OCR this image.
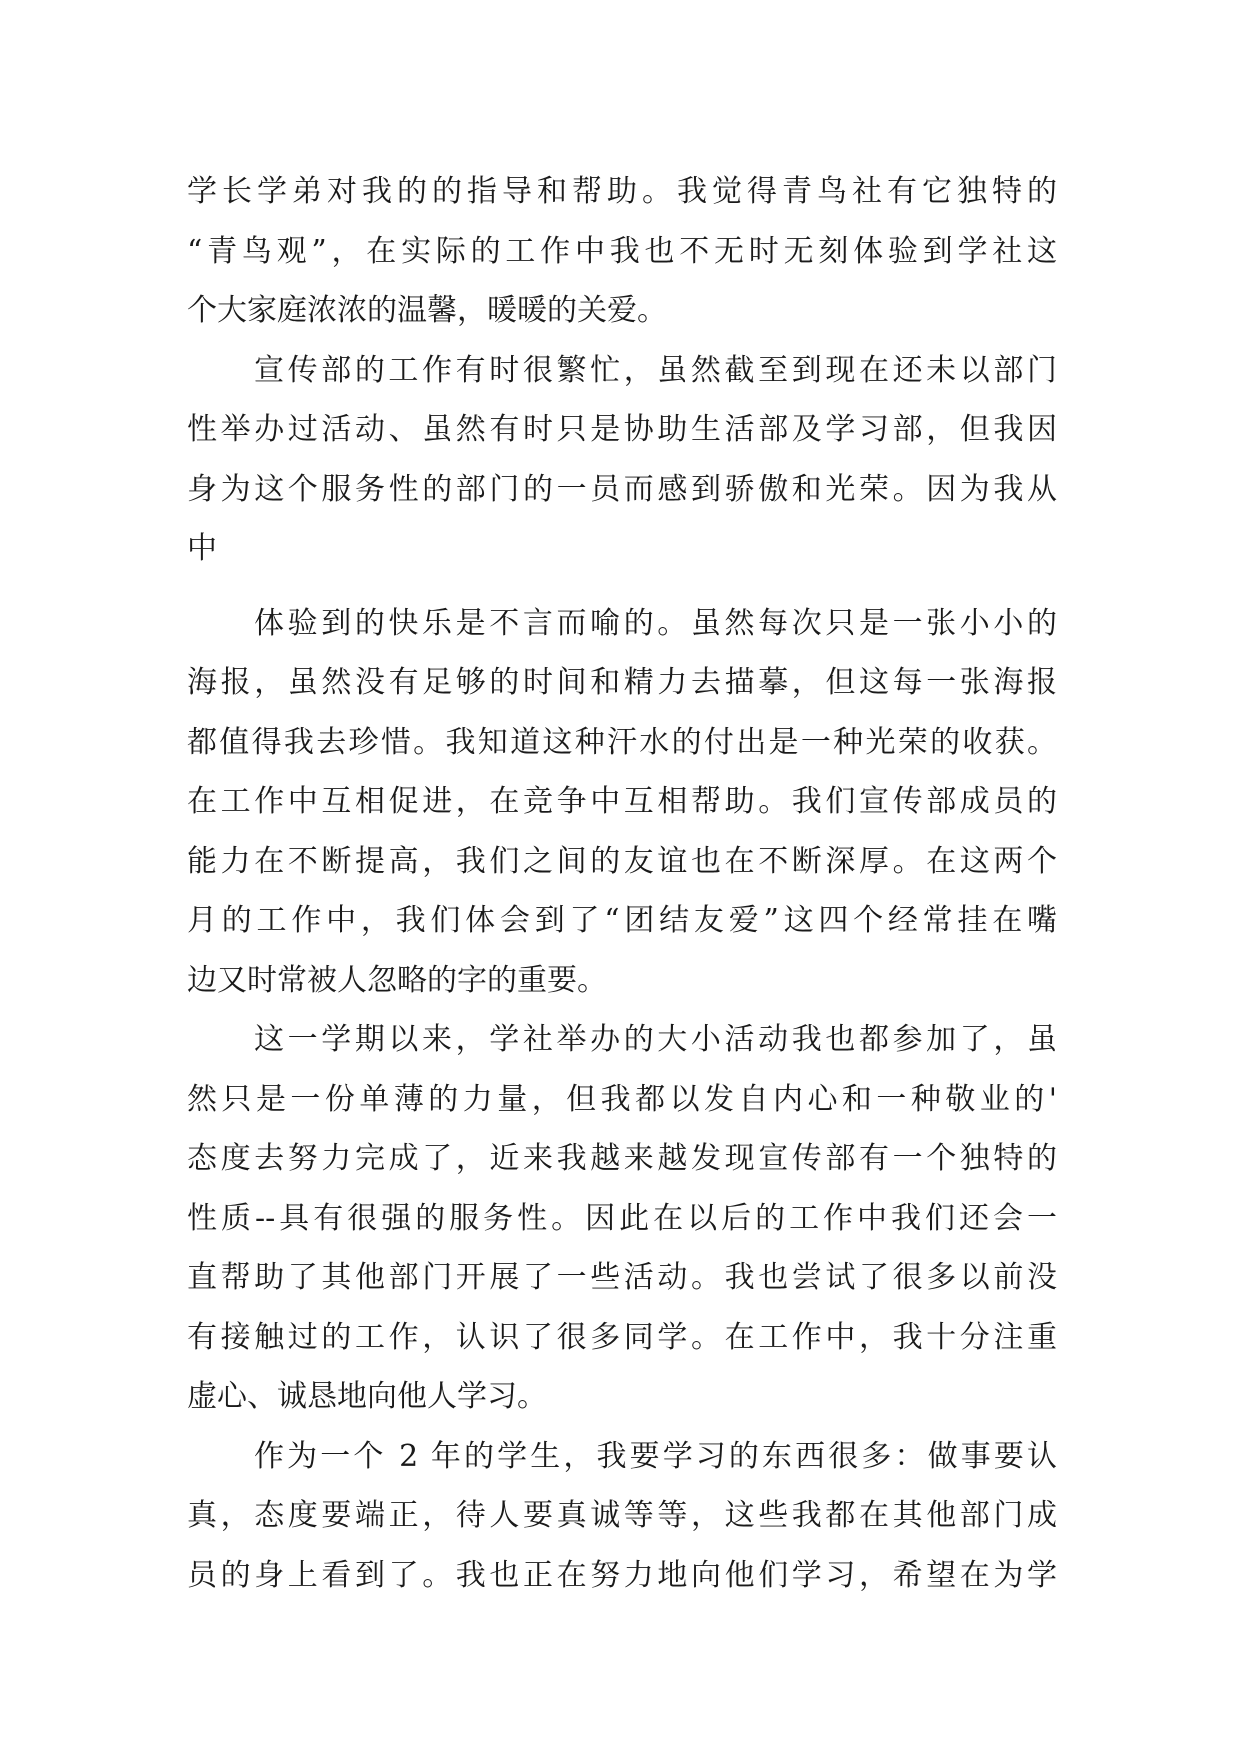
学长学弟对我的的指导和帮助。我觉得青鸟社有它独特的
“青鸟观”，在实际的工作中我也不无时无刻体验到学社这
个大家庭浓浓的温馨，暖暖的关爱。
宣传部的工作有时很繁忙，虽然截至到现在还未以部门
性举办过活动、虽然有时只是协助生活部及学习部，但我因
身为这个服务性的部门的一员而感到骄傲和光荣。因为我从
中
体验到的快乐是不言而喻的。虽然每次只是一张小小的
海报，虽然没有足够的时间和精力去描摹，但这每一张海报
都值得我去珍惜。我知道这种汗水的付出是一种光荣的收获。
在工作中互相促进，在竞争中互相帮助。我们宣传部成员的
能力在不断提高，我们之间的友谊也在不断深厚。在这两个
月的工作中，我们体会到了“团结友爱”这四个经常挂在嘴
边又时常被人忽略的字的重要。
这一学期以来，学社举办的大小活动我也都参加了，虽
然只是一份单薄的力量，但我都以发自内心和一种敬业的'
态度去努力完成了，近来我越来越发现宣传部有一个独特的
性质--具有很强的服务性。因此在以后的工作中我们还会一
直帮助了其他部门开展了一些活动。我也尝试了很多以前没
有接触过的工作，认识了很多同学。在工作中，我十分注重
虚心、诚恳地向他人学习。
作为一个 2 年的学生，我要学习的东西很多：做事要认
真，态度要端正，待人要真诚等等，这些我都在其他部门成
员的身上看到了。我也正在努力地向他们学习，希望在为学
